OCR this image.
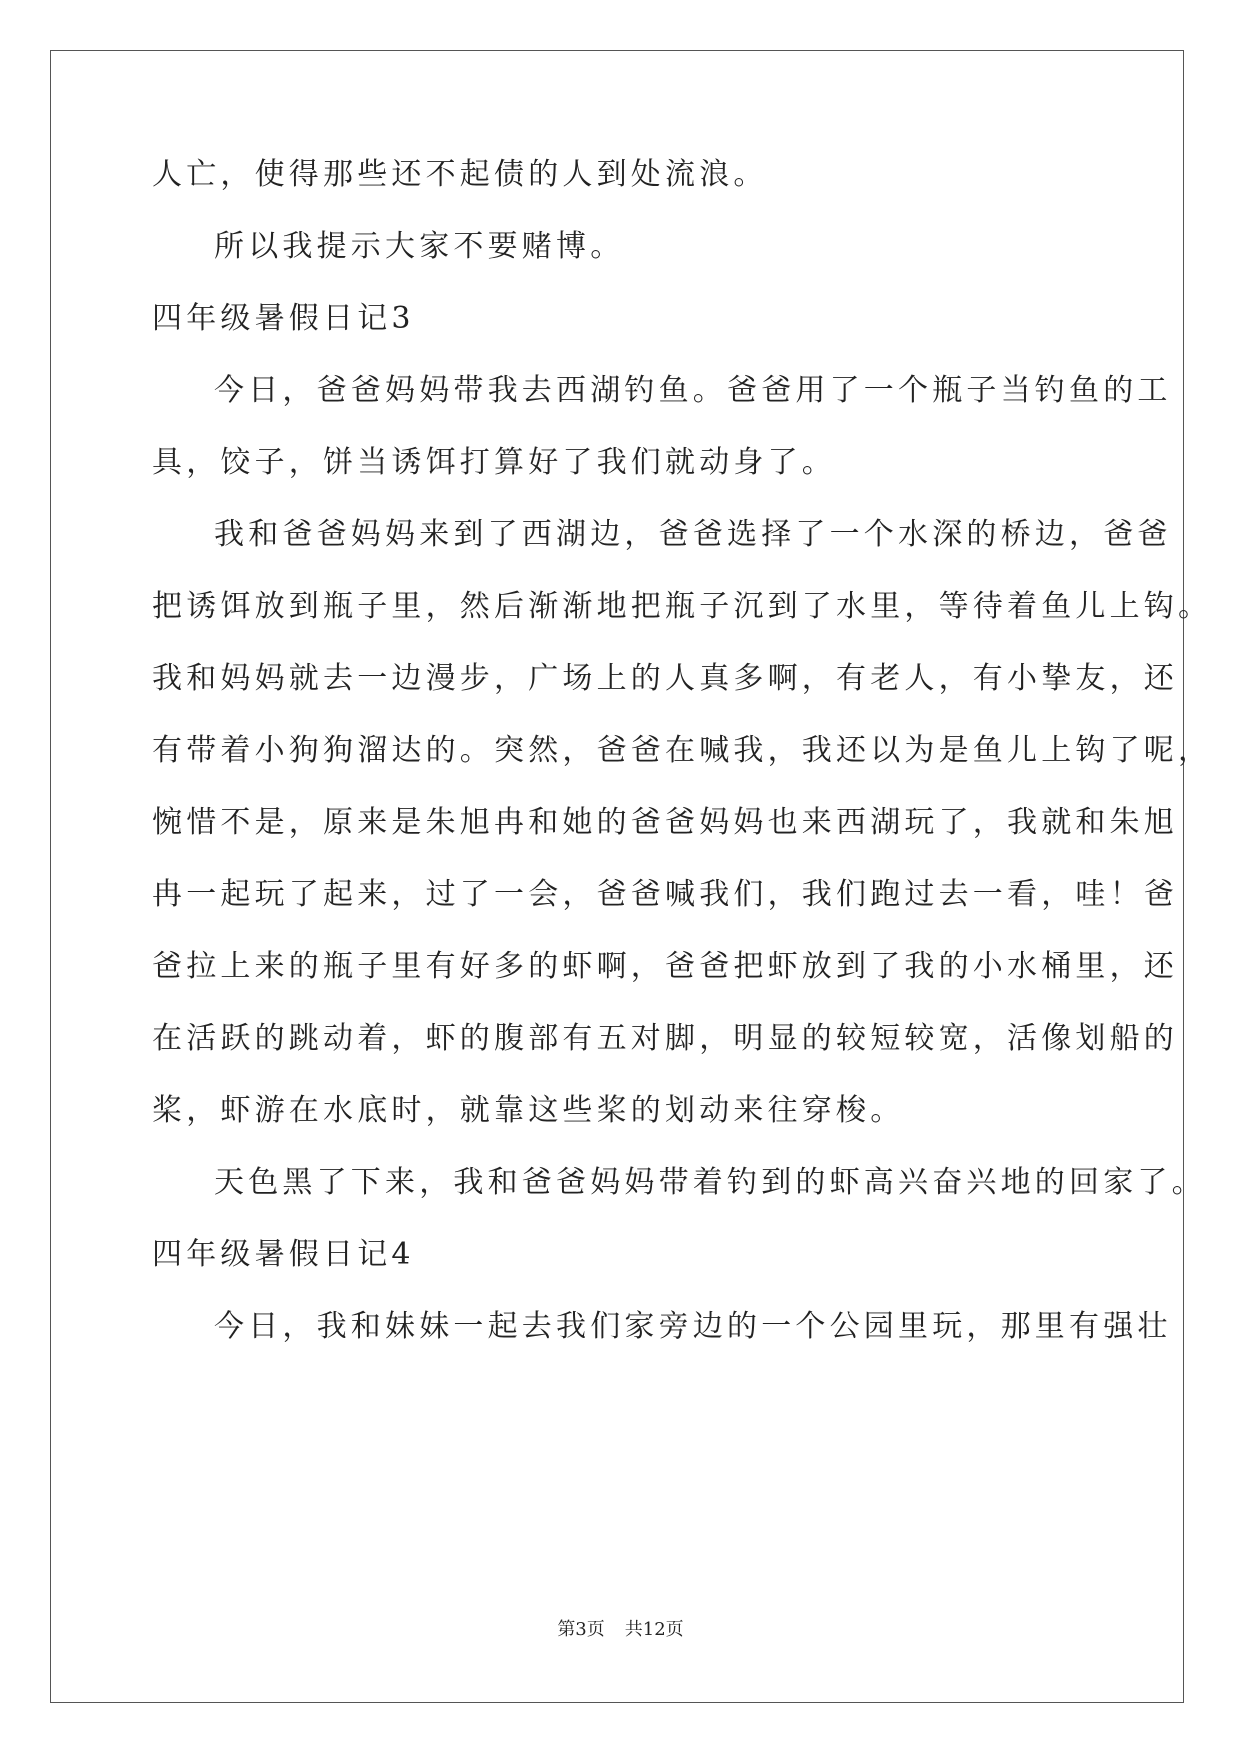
人亡，使得那些还不起债的人到处流浪。
所以我提示大家不要赌博。
四年级暑假日记3
今日，爸爸妈妈带我去西湖钓鱼。爸爸用了一个瓶子当钓鱼的工
具，饺子，饼当诱饵打算好了我们就动身了。
我和爸爸妈妈来到了西湖边，爸爸选择了一个水深的桥边，爸爸
把诱饵放到瓶子里，然后渐渐地把瓶子沉到了水里，等待着鱼儿上钩。
我和妈妈就去一边漫步，广场上的人真多啊，有老人，有小挚友，还
有带着小狗狗溜达的。突然，爸爸在喊我，我还以为是鱼儿上钩了呢，
惋惜不是，原来是朱旭冉和她的爸爸妈妈也来西湖玩了，我就和朱旭
冉一起玩了起来，过了一会，爸爸喊我们，我们跑过去一看，哇！爸
爸拉上来的瓶子里有好多的虾啊，爸爸把虾放到了我的小水桶里，还
在活跃的跳动着，虾的腹部有五对脚，明显的较短较宽，活像划船的
桨，虾游在水底时，就靠这些桨的划动来往穿梭。
天色黑了下来，我和爸爸妈妈带着钓到的虾高兴奋兴地的回家了。
四年级暑假日记4
今日，我和妹妹一起去我们家旁边的一个公园里玩，那里有强壮
第3页 共12页
